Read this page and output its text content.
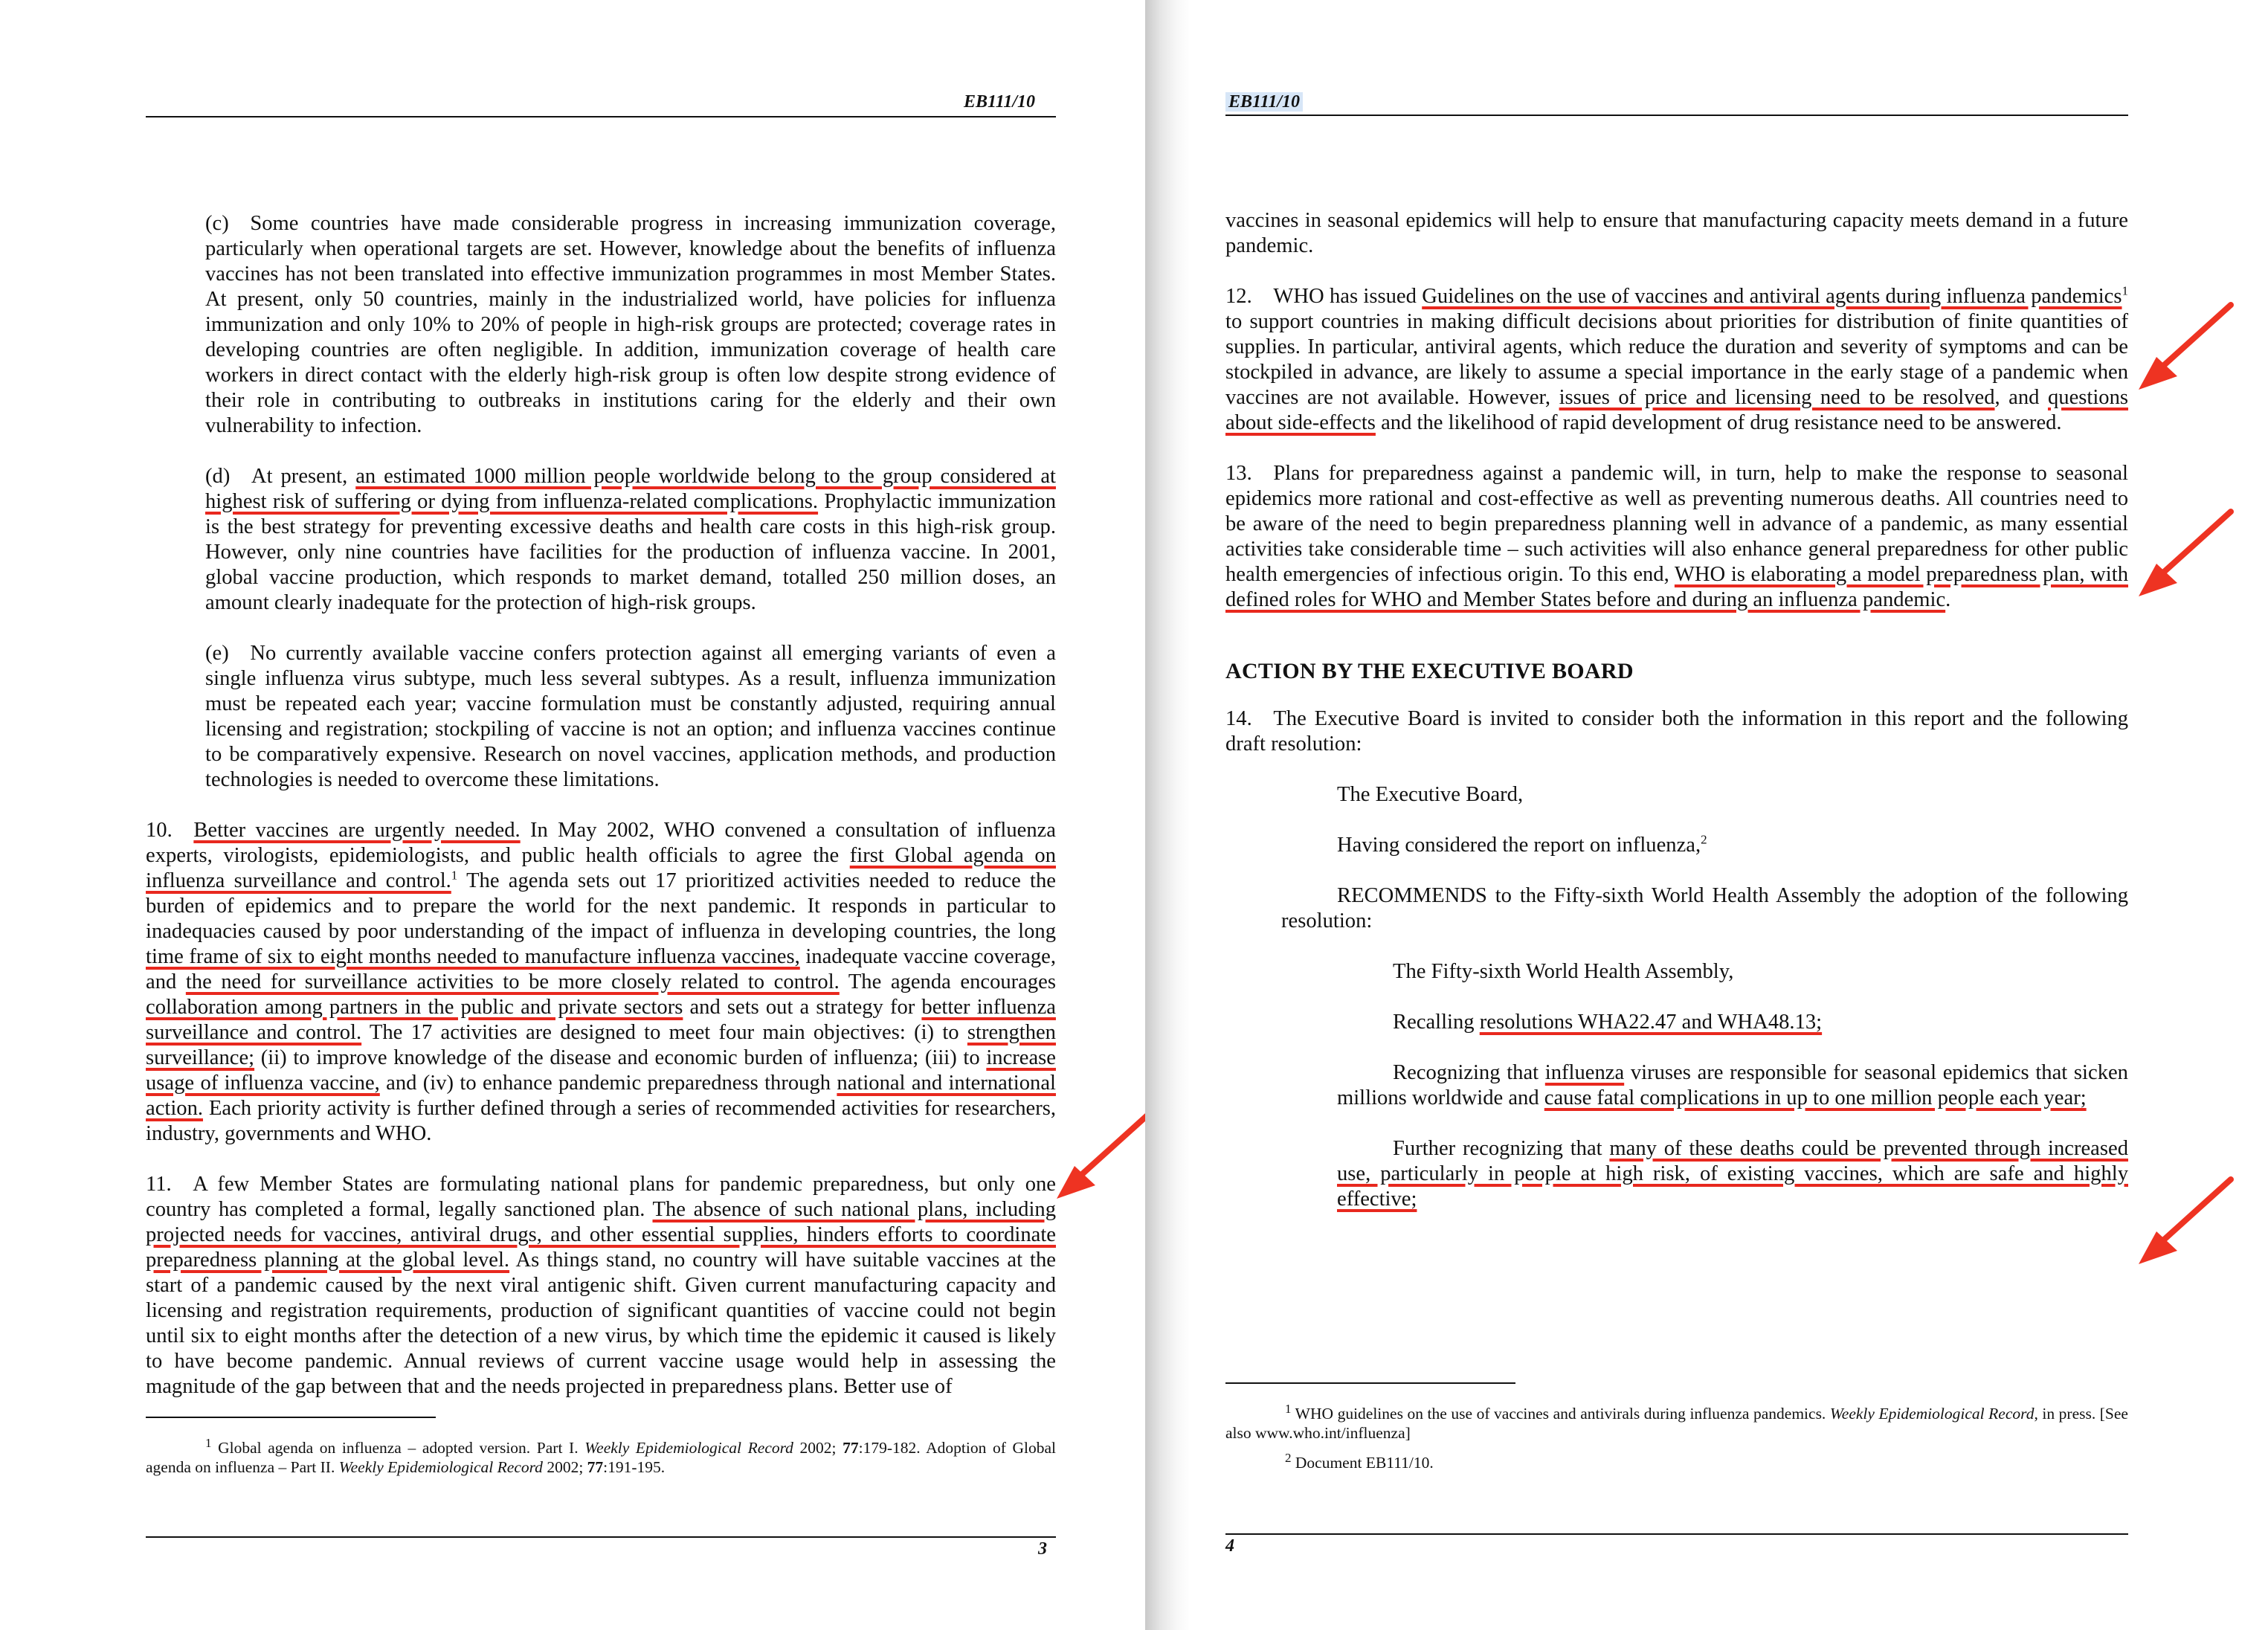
EB111/10

(c) Some countries have made considerable progress in increasing immunization coverage, particularly when operational targets are set. However, knowledge about the benefits of influenza vaccines has not been translated into effective immunization programmes in most Member States. At present, only 50 countries, mainly in the industrialized world, have policies for influenza immunization and only 10% to 20% of people in high-risk groups are protected; coverage rates in developing countries are often negligible. In addition, immunization coverage of health care workers in direct contact with the elderly high-risk group is often low despite strong evidence of their role in contributing to outbreaks in institutions caring for the elderly and their own vulnerability to infection.

(d) At present, an estimated 1000 million people worldwide belong to the group considered at highest risk of suffering or dying from influenza-related complications. Prophylactic immunization is the best strategy for preventing excessive deaths and health care costs in this high-risk group. However, only nine countries have facilities for the production of influenza vaccine. In 2001, global vaccine production, which responds to market demand, totalled 250 million doses, an amount clearly inadequate for the protection of high-risk groups.

(e) No currently available vaccine confers protection against all emerging variants of even a single influenza virus subtype, much less several subtypes. As a result, influenza immunization must be repeated each year; vaccine formulation must be constantly adjusted, requiring annual licensing and registration; stockpiling of vaccine is not an option; and influenza vaccines continue to be comparatively expensive. Research on novel vaccines, application methods, and production technologies is needed to overcome these limitations.

10. Better vaccines are urgently needed. In May 2002, WHO convened a consultation of influenza experts, virologists, epidemiologists, and public health officials to agree the first Global agenda on influenza surveillance and control.$^1$ The agenda sets out 17 prioritized activities needed to reduce the burden of epidemics and to prepare the world for the next pandemic. It responds in particular to inadequacies caused by poor understanding of the impact of influenza in developing countries, the long time frame of six to eight months needed to manufacture influenza vaccines, inadequate vaccine coverage, and the need for surveillance activities to be more closely related to control. The agenda encourages collaboration among partners in the public and private sectors and sets out a strategy for better influenza surveillance and control. The 17 activities are designed to meet four main objectives: (i) to strengthen surveillance; (ii) to improve knowledge of the disease and economic burden of influenza; (iii) to increase usage of influenza vaccine, and (iv) to enhance pandemic preparedness through national and international action. Each priority activity is further defined through a series of recommended activities for researchers, industry, governments and WHO.

11. A few Member States are formulating national plans for pandemic preparedness, but only one country has completed a formal, legally sanctioned plan. The absence of such national plans, including projected needs for vaccines, antiviral drugs, and other essential supplies, hinders efforts to coordinate preparedness planning at the global level. As things stand, no country will have suitable vaccines at the start of a pandemic caused by the next viral antigenic shift. Given current manufacturing capacity and licensing and registration requirements, production of significant quantities of vaccine could not begin until six to eight months after the detection of a new virus, by which time the epidemic it caused is likely to have become pandemic. Annual reviews of current vaccine usage would help in assessing the magnitude of the gap between that and the needs projected in preparedness plans. Better use of

$^1$ Global agenda on influenza – adopted version. Part I. Weekly Epidemiological Record 2002; 77:179-182. Adoption of Global agenda on influenza – Part II. Weekly Epidemiological Record 2002; 77:191-195.

3
EB111/10

vaccines in seasonal epidemics will help to ensure that manufacturing capacity meets demand in a future pandemic.

12. WHO has issued Guidelines on the use of vaccines and antiviral agents during influenza pandemics$^1$ to support countries in making difficult decisions about priorities for distribution of finite quantities of supplies. In particular, antiviral agents, which reduce the duration and severity of symptoms and can be stockpiled in advance, are likely to assume a special importance in the early stage of a pandemic when vaccines are not available. However, issues of price and licensing need to be resolved, and questions about side-effects and the likelihood of rapid development of drug resistance need to be answered.

13. Plans for preparedness against a pandemic will, in turn, help to make the response to seasonal epidemics more rational and cost-effective as well as preventing numerous deaths. All countries need to be aware of the need to begin preparedness planning well in advance of a pandemic, as many essential activities take considerable time – such activities will also enhance general preparedness for other public health emergencies of infectious origin. To this end, WHO is elaborating a model preparedness plan, with defined roles for WHO and Member States before and during an influenza pandemic.

ACTION BY THE EXECUTIVE BOARD

14. The Executive Board is invited to consider both the information in this report and the following draft resolution:

The Executive Board,

Having considered the report on influenza,$^2$

RECOMMENDS to the Fifty-sixth World Health Assembly the adoption of the following resolution:

The Fifty-sixth World Health Assembly,

Recalling resolutions WHA22.47 and WHA48.13;

Recognizing that influenza viruses are responsible for seasonal epidemics that sicken millions worldwide and cause fatal complications in up to one million people each year;

Further recognizing that many of these deaths could be prevented through increased use, particularly in people at high risk, of existing vaccines, which are safe and highly effective;

$^1$ WHO guidelines on the use of vaccines and antivirals during influenza pandemics. Weekly Epidemiological Record, in press. [See also www.who.int/influenza]

$^2$ Document EB111/10.

4
